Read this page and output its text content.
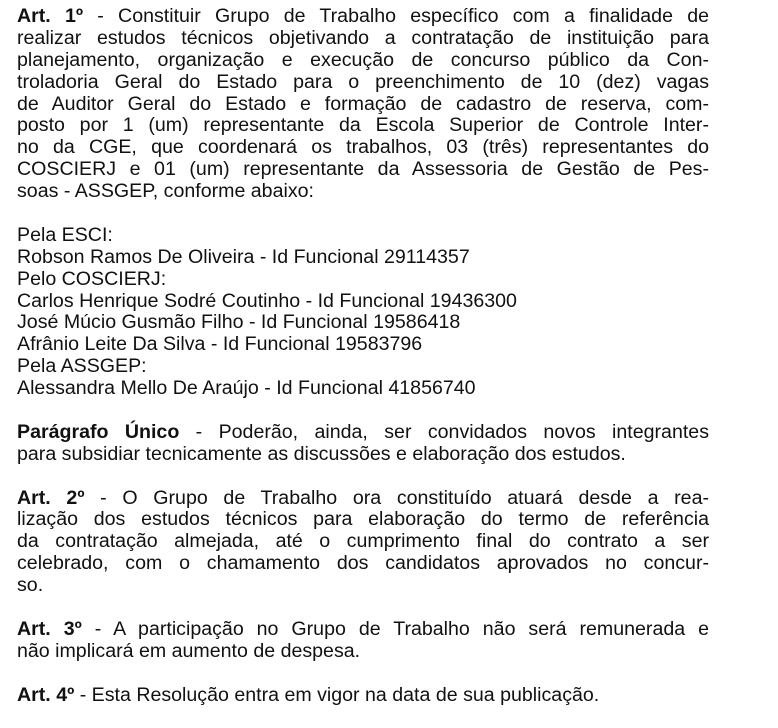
Art. 1º - Constituir Grupo de Trabalho específico com a finalidade de
realizar estudos técnicos objetivando a contratação de instituição para
planejamento, organização e execução de concurso público da Con-
troladoria Geral do Estado para o preenchimento de 10 (dez) vagas
de Auditor Geral do Estado e formação de cadastro de reserva, com-
posto por 1 (um) representante da Escola Superior de Controle Inter-
no da CGE, que coordenará os trabalhos, 03 (três) representantes do
COSCIERJ e 01 (um) representante da Assessoria de Gestão de Pes-
soas - ASSGEP, conforme abaixo:
Pela ESCI:
Robson Ramos De Oliveira - Id Funcional 29114357
Pelo COSCIERJ:
Carlos Henrique Sodré Coutinho - Id Funcional 19436300
José Múcio Gusmão Filho - Id Funcional 19586418
Afrânio Leite Da Silva - Id Funcional 19583796
Pela ASSGEP:
Alessandra Mello De Araújo - Id Funcional 41856740
Parágrafo Único - Poderão, ainda, ser convidados novos integrantes
para subsidiar tecnicamente as discussões e elaboração dos estudos.
Art. 2º - O Grupo de Trabalho ora constituído atuará desde a rea-
lização dos estudos técnicos para elaboração do termo de referência
da contratação almejada, até o cumprimento final do contrato a ser
celebrado, com o chamamento dos candidatos aprovados no concur-
so.
Art. 3º - A participação no Grupo de Trabalho não será remunerada e
não implicará em aumento de despesa.
Art. 4º - Esta Resolução entra em vigor na data de sua publicação.
